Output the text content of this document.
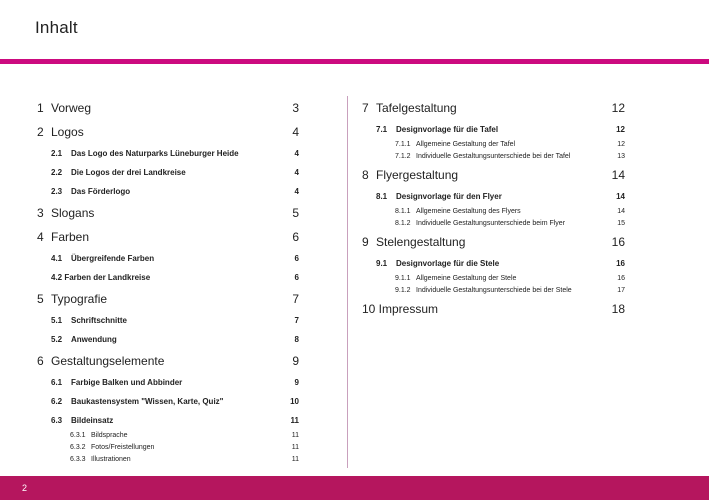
Inhalt
1 Vorweg	3
2 Logos	4
2.1	Das Logo des Naturparks Lüneburger Heide	4
2.2	Die Logos der drei Landkreise	4
2.3	Das Förderlogo	4
3 Slogans	5
4 Farben	6
4.1	Übergreifende Farben	6
4.2 Farben der Landkreise	6
5 Typografie	7
5.1	Schriftschnitte	7
5.2	Anwendung	8
6 Gestaltungselemente	9
6.1	Farbige Balken und Abbinder	9
6.2	Baukastensystem "Wissen, Karte, Quiz"	10
6.3	Bildeinsatz	11
6.3.1 Bildsprache	11
6.3.2 Fotos/Freistellungen	11
6.3.3 Illustrationen	11
7 Tafelgestaltung	12
7.1	Designvorlage für die Tafel	12
7.1.1 Allgemeine Gestaltung der Tafel	12
7.1.2 Individuelle Gestaltungsunterschiede bei der Tafel	13
8 Flyergestaltung	14
8.1	Designvorlage für den Flyer	14
8.1.1 Allgemeine Gestaltung des Flyers	14
8.1.2 Individuelle Gestaltungsunterschiede beim Flyer	15
9 Stelengestaltung	16
9.1	Designvorlage für die Stele	16
9.1.1 Allgemeine Gestaltung der Stele	16
9.1.2 Individuelle Gestaltungsunterschiede bei der Stele	17
10 Impressum	18
2
